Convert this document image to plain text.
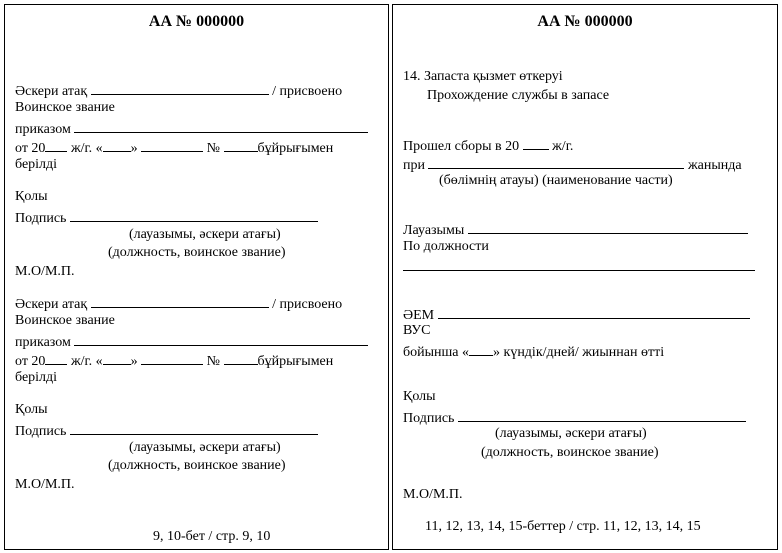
АА № 000000
Әскери атақ	/ присвоено
Воинское звание
приказом
от 20 ж/г. « »	№	бұйрығымен
берілді
Қолы
Подпись
(лауазымы, әскери атағы)
(должность, воинское звание)
М.О/М.П.
Әскери атақ	/ присвоено
Воинское звание
приказом
от 20 ж/г. « »	№	бұйрығымен
берілді
Қолы
Подпись
(лауазымы, әскери атағы)
(должность, воинское звание)
М.О/М.П.
9, 10-бет / стр. 9, 10
АА № 000000
14. Запаста қызмет өткеруі
Прохождение службы в запасе
Прошел сборы в 20 ж/г.
при	жанында
(бөлімнің атауы) (наименование части)
Лауазымы
По должности
ӘЕМ
ВУС
бойынша « » күндік/дней/ жиыннан өтті
Қолы
Подпись
(лауазымы, әскери атағы)
(должность, воинское звание)
М.О/М.П.
11, 12, 13, 14, 15-беттер / стр. 11, 12, 13, 14, 15
